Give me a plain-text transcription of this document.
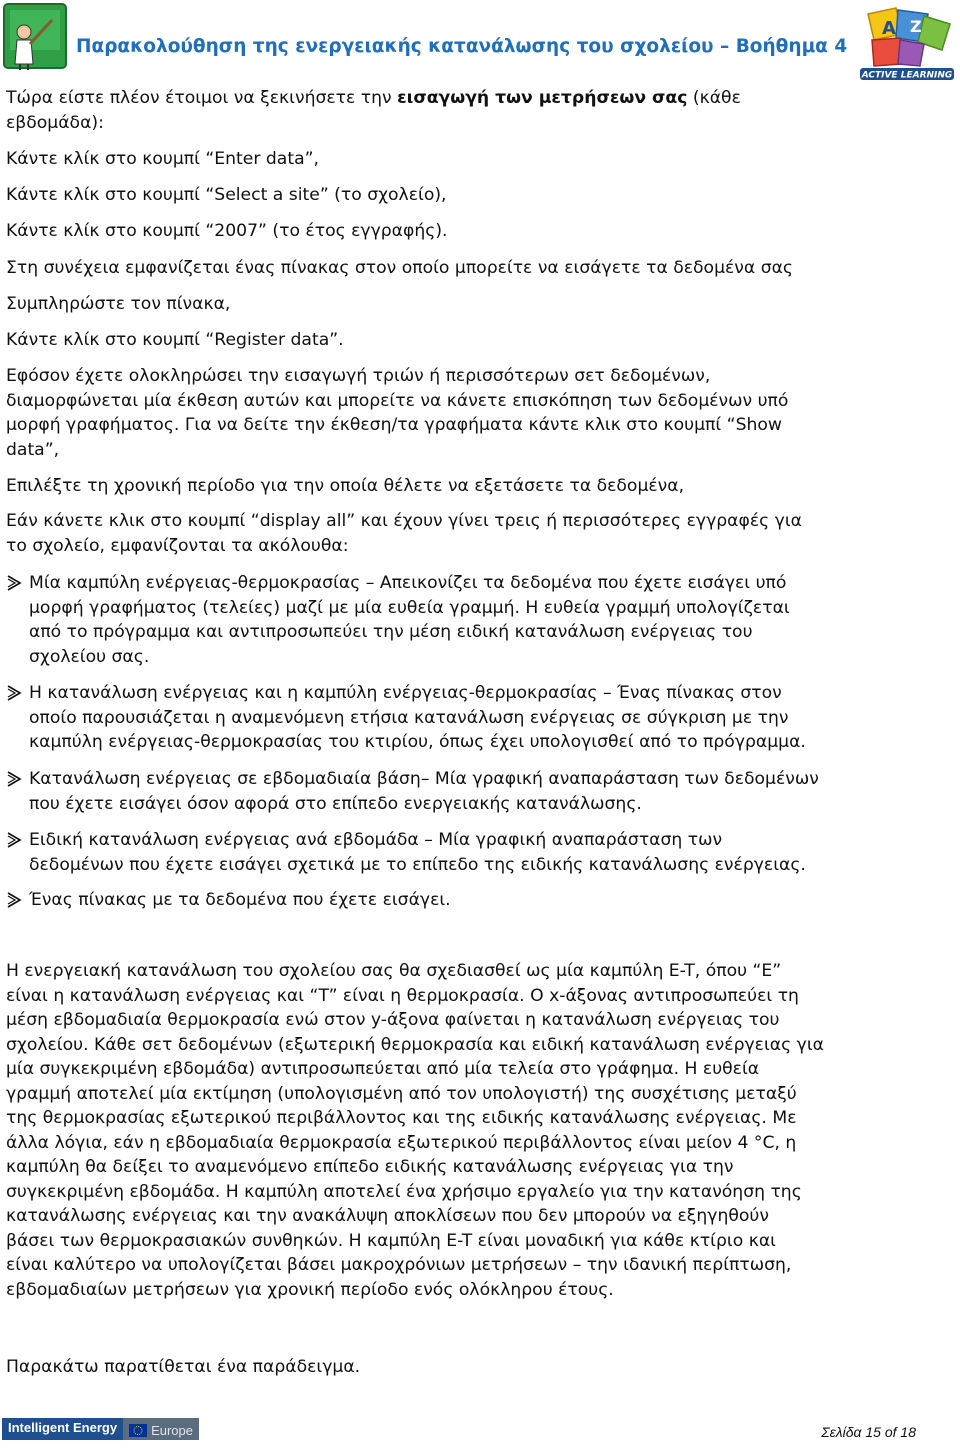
Παρακολούθηση της ενεργειακής κατανάλωσης του σχολείου – Βοήθημα 4
A Z
ACTIVE LEARNING
Τώρα είστε πλέον έτοιμοι να ξεκινήσετε την εισαγωγή των μετρήσεων σας (κάθε
εβδομάδα):
Κάντε κλίκ στο κουμπί “Enter data”,
Κάντε κλίκ στο κουμπί “Select a site” (το σχολείο),
Κάντε κλίκ στο κουμπί “2007” (το έτος εγγραφής).
Στη συνέχεια εμφανίζεται ένας πίνακας στον οποίο μπορείτε να εισάγετε τα δεδομένα σας
Συμπληρώστε τον πίνακα,
Κάντε κλίκ στο κουμπί “Register data”.
Εφόσον έχετε ολοκληρώσει την εισαγωγή τριών ή περισσότερων σετ δεδομένων,
διαμορφώνεται μία έκθεση αυτών και μπορείτε να κάνετε επισκόπηση των δεδομένων υπό
μορφή γραφήματος. Για να δείτε την έκθεση/τα γραφήματα κάντε κλικ στο κουμπί “Show
data”,
Επιλέξτε τη χρονική περίοδο για την οποία θέλετε να εξετάσετε τα δεδομένα,
Εάν κάνετε κλικ στο κουμπί “display all” και έχουν γίνει τρεις ή περισσότερες εγγραφές για
το σχολείο, εμφανίζονται τα ακόλουθα:
Μία καμπύλη ενέργειας-θερμοκρασίας – Απεικονίζει τα δεδομένα που έχετε εισάγει υπό
μορφή γραφήματος (τελείες) μαζί με μία ευθεία γραμμή. Η ευθεία γραμμή υπολογίζεται
από το πρόγραμμα και αντιπροσωπεύει την μέση ειδική κατανάλωση ενέργειας του
σχολείου σας.
Η κατανάλωση ενέργειας και η καμπύλη ενέργειας-θερμοκρασίας – Ένας πίνακας στον
οποίο παρουσιάζεται η αναμενόμενη ετήσια κατανάλωση ενέργειας σε σύγκριση με την
καμπύλη ενέργειας-θερμοκρασίας του κτιρίου, όπως έχει υπολογισθεί από το πρόγραμμα.
Κατανάλωση ενέργειας σε εβδομαδιαία βάση– Μία γραφική αναπαράσταση των δεδομένων
που έχετε εισάγει όσον αφορά στο επίπεδο ενεργειακής κατανάλωσης.
Ειδική κατανάλωση ενέργειας ανά εβδομάδα – Μία γραφική αναπαράσταση των
δεδομένων που έχετε εισάγει σχετικά με το επίπεδο της ειδικής κατανάλωσης ενέργειας.
Ένας πίνακας με τα δεδομένα που έχετε εισάγει.
Η ενεργειακή κατανάλωση του σχολείου σας θα σχεδιασθεί ως μία καμπύλη E-T, όπου “E”
είναι η κατανάλωση ενέργειας και “T” είναι η θερμοκρασία. Ο x-άξονας αντιπροσωπεύει τη
μέση εβδομαδιαία θερμοκρασία ενώ στον y-άξονα φαίνεται η κατανάλωση ενέργειας του
σχολείου. Κάθε σετ δεδομένων (εξωτερική θερμοκρασία και ειδική κατανάλωση ενέργειας για
μία συγκεκριμένη εβδομάδα) αντιπροσωπεύεται από μία τελεία στο γράφημα. Η ευθεία
γραμμή αποτελεί μία εκτίμηση (υπολογισμένη από τον υπολογιστή) της συσχέτισης μεταξύ
της θερμοκρασίας εξωτερικού περιβάλλοντος και της ειδικής κατανάλωσης ενέργειας. Με
άλλα λόγια, εάν η εβδομαδιαία θερμοκρασία εξωτερικού περιβάλλοντος είναι μείον 4 °C, η
καμπύλη θα δείξει το αναμενόμενο επίπεδο ειδικής κατανάλωσης ενέργειας για την
συγκεκριμένη εβδομάδα. Η καμπύλη αποτελεί ένα χρήσιμο εργαλείο για την κατανόηση της
κατανάλωσης ενέργειας και την ανακάλυψη αποκλίσεων που δεν μπορούν να εξηγηθούν
βάσει των θερμοκρασιακών συνθηκών. Η καμπύλη E-T είναι μοναδική για κάθε κτίριο και
είναι καλύτερο να υπολογίζεται βάσει μακροχρόνιων μετρήσεων – την ιδανική περίπτωση,
εβδομαδιαίων μετρήσεων για χρονική περίοδο ενός ολόκληρου έτους.
Παρακάτω παρατίθεται ένα παράδειγμα.
Intelligent Energy	Europe	Σελίδα 15 of 18
